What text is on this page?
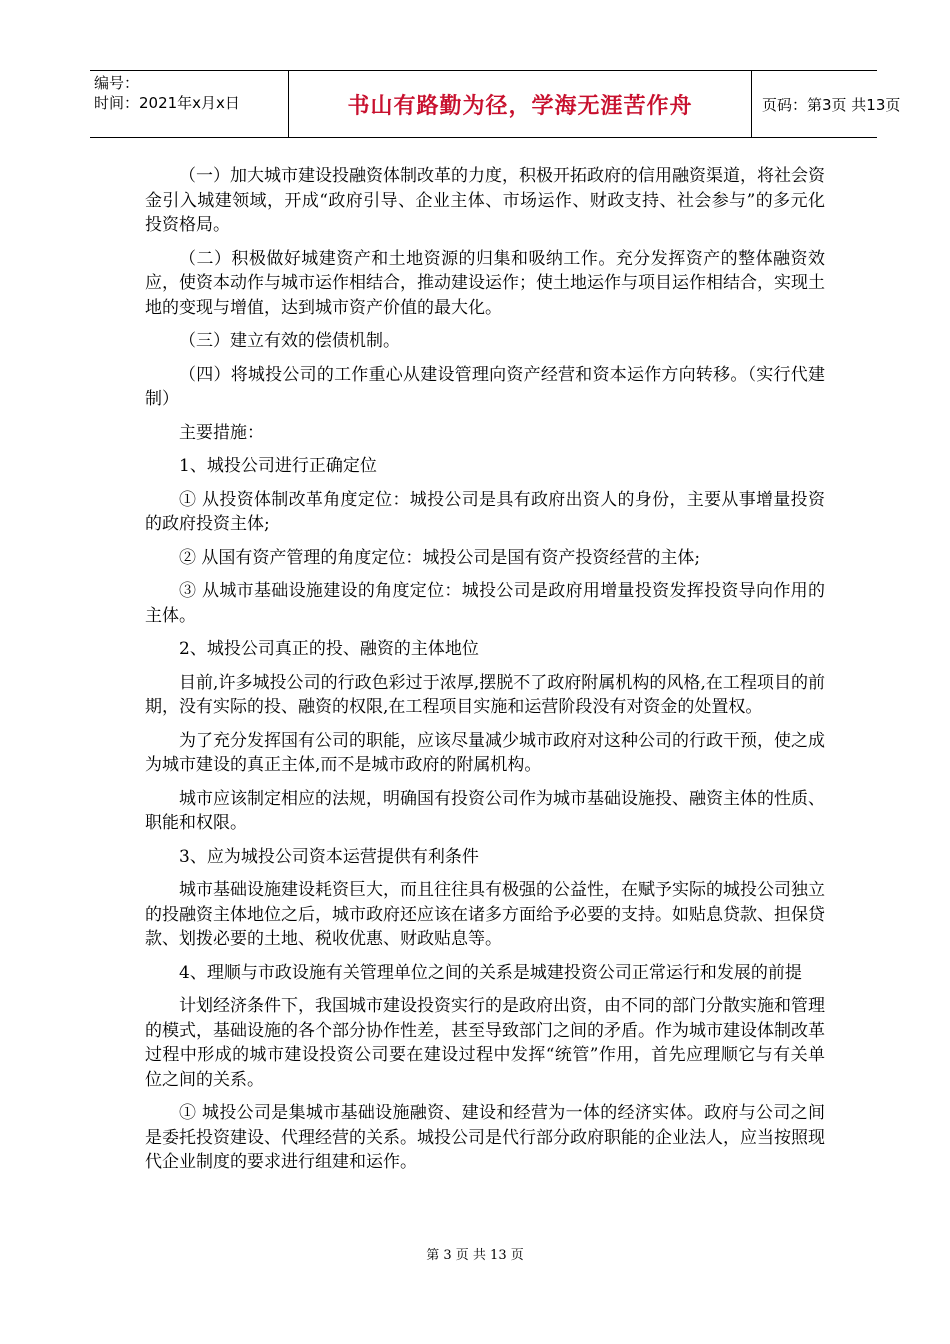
编号：
时间：2021年x月x日	书山有路勤为径，学海无涯苦作舟	页码：第3页 共13页

（一）加大城市建设投融资体制改革的力度，积极开拓政府的信用融资渠道，将社会资金引入城建领域，开成“政府引导、企业主体、市场运作、财政支持、社会参与”的多元化投资格局。

（二）积极做好城建资产和土地资源的归集和吸纳工作。充分发挥资产的整体融资效应，使资本动作与城市运作相结合，推动建设运作；使土地运作与项目运作相结合，实现土地的变现与增值，达到城市资产价值的最大化。

（三）建立有效的偿债机制。

（四）将城投公司的工作重心从建设管理向资产经营和资本运作方向转移。（实行代建制）

主要措施：

1、城投公司进行正确定位

① 从投资体制改革角度定位：城投公司是具有政府出资人的身份，主要从事增量投资的政府投资主体;

② 从国有资产管理的角度定位：城投公司是国有资产投资经营的主体;

③ 从城市基础设施建设的角度定位：城投公司是政府用增量投资发挥投资导向作用的主体。

2、城投公司真正的投、融资的主体地位

目前,许多城投公司的行政色彩过于浓厚,摆脱不了政府附属机构的风格,在工程项目的前期，没有实际的投、融资的权限,在工程项目实施和运营阶段没有对资金的处置权。

为了充分发挥国有公司的职能，应该尽量减少城市政府对这种公司的行政干预，使之成为城市建设的真正主体,而不是城市政府的附属机构。

城市应该制定相应的法规，明确国有投资公司作为城市基础设施投、融资主体的性质、职能和权限。

3、应为城投公司资本运营提供有利条件

城市基础设施建设耗资巨大，而且往往具有极强的公益性，在赋予实际的城投公司独立的投融资主体地位之后，城市政府还应该在诸多方面给予必要的支持。如贴息贷款、担保贷款、划拨必要的土地、税收优惠、财政贴息等。

4、理顺与市政设施有关管理单位之间的关系是城建投资公司正常运行和发展的前提

计划经济条件下，我国城市建设投资实行的是政府出资，由不同的部门分散实施和管理的模式，基础设施的各个部分协作性差，甚至导致部门之间的矛盾。作为城市建设体制改革过程中形成的城市建设投资公司要在建设过程中发挥“统管”作用，首先应理顺它与有关单位之间的关系。

① 城投公司是集城市基础设施融资、建设和经营为一体的经济实体。政府与公司之间是委托投资建设、代理经营的关系。城投公司是代行部分政府职能的企业法人，应当按照现代企业制度的要求进行组建和运作。

第 3 页 共 13 页
